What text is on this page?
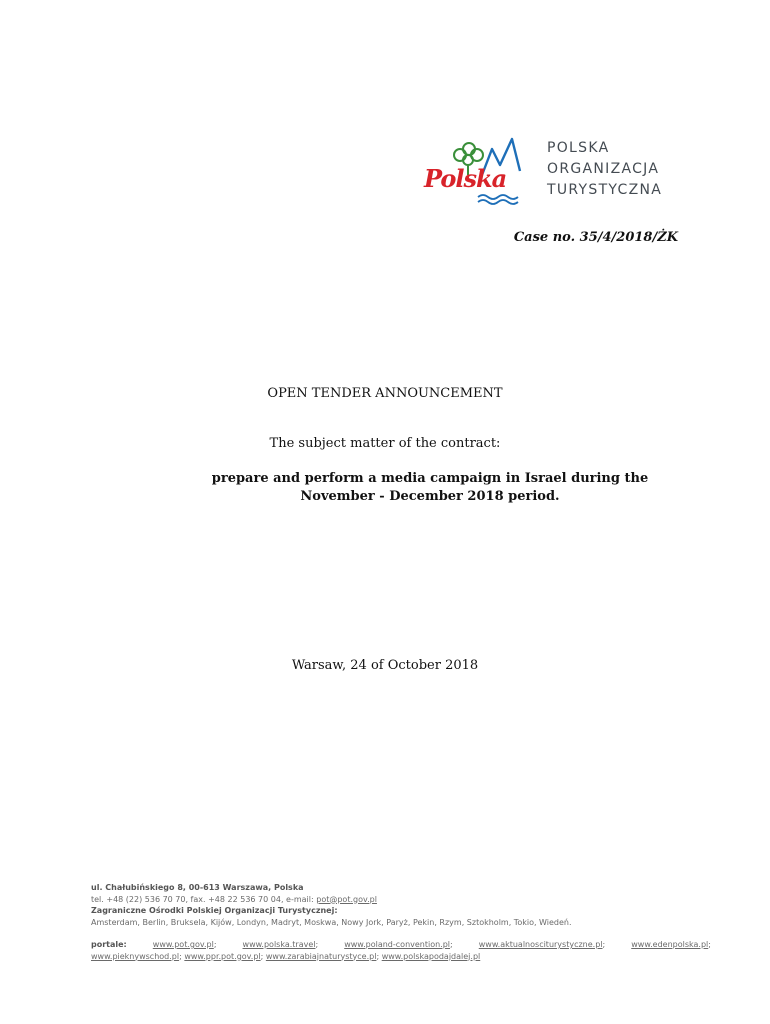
Polska
POLSKA
ORGANIZACJA
TURYSTYCZNA
Case no. 35/4/2018/ŻK
OPEN TENDER ANNOUNCEMENT
The subject matter of the contract:
prepare and perform a media campaign in Israel during the
November - December 2018 period.
Warsaw, 24 of October 2018
ul. Chałubińskiego 8, 00-613 Warszawa, Polska
tel. +48 (22) 536 70 70, fax. +48 22 536 70 04, e-mail: pot@pot.gov.pl
Zagraniczne Ośrodki Polskiej Organizacji Turystycznej:
Amsterdam, Berlin, Bruksela, Kijów, Londyn, Madryt, Moskwa, Nowy Jork, Paryż, Pekin, Rzym, Sztokholm, Tokio, Wiedeń.
portale:	www.pot.gov.pl;	www.polska.travel;	www.poland-convention.pl;	www.aktualnosciturystyczne.pl;	www.edenpolska.pl;
www.pieknywschod.pl; www.ppr.pot.gov.pl; www.zarabiajnaturystyce.pl; www.polskapodajdalej.pl
